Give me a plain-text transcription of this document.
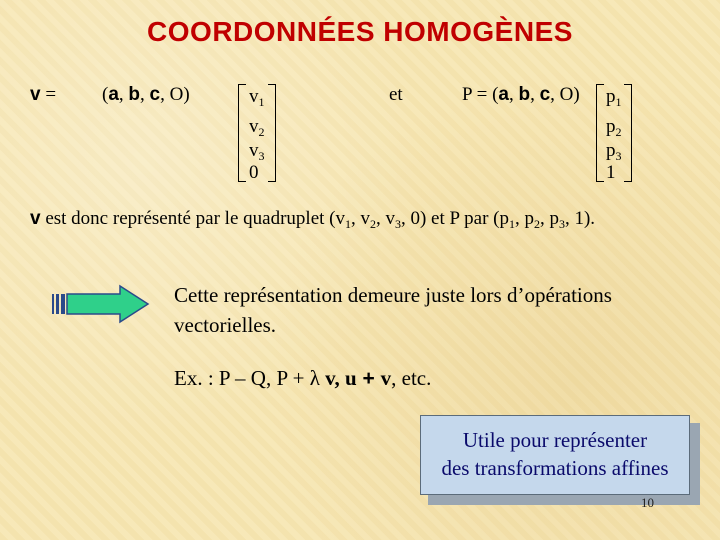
COORDONNÉES HOMOGÈNES
v = (a, b, c, O)	$v_1$
$v_2$
$v_3$
0
et	P = (a, b, c, O) $p_1$
$p_2$
$p_3$
1
v est donc représenté par le quadruplet ($v_1$, $v_2$, $v_3$, 0) et P par ($p_1$, $p_2$, $p_3$, 1).
Cette représentation demeure juste lors d’opérations vectorielles.
Ex. : P – Q, P + λ v, u + v, etc.
Utile pour représenter
des transformations affines
10
